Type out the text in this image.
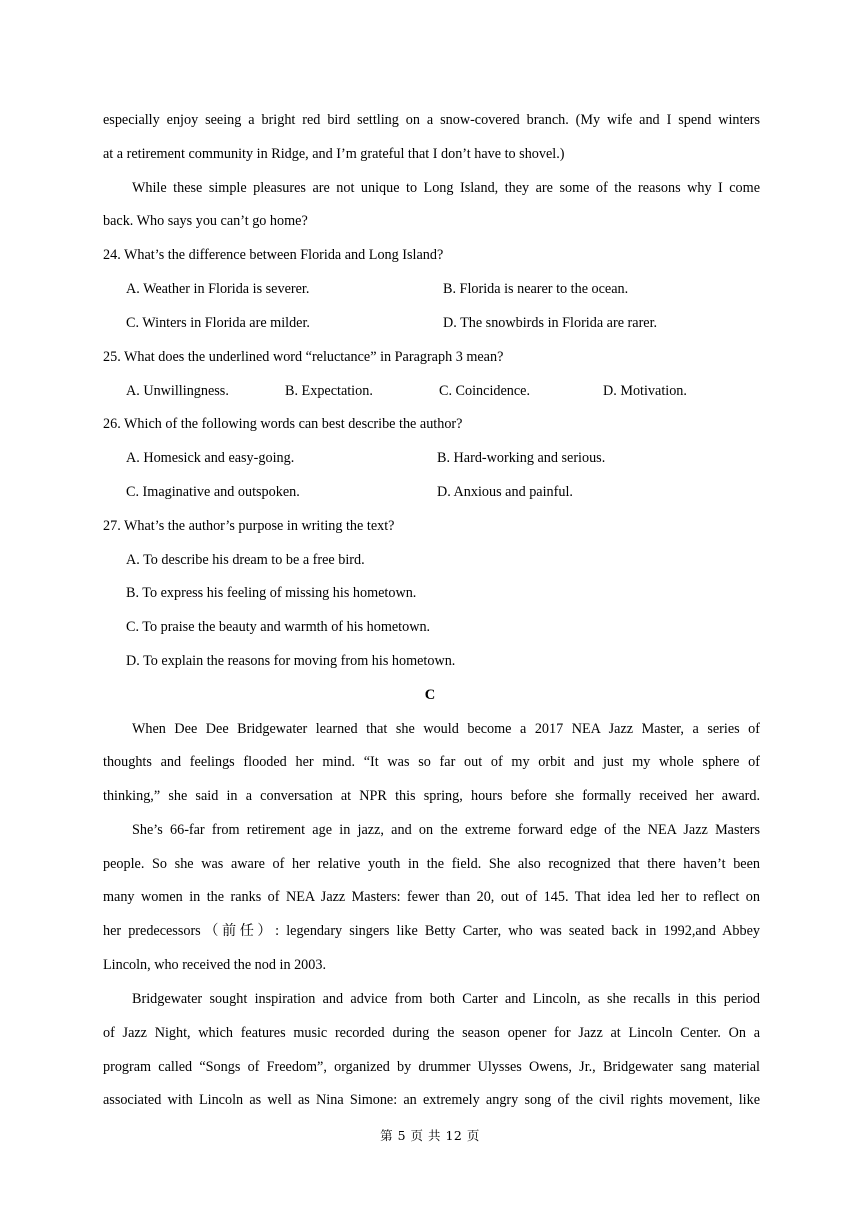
especially enjoy seeing a bright red bird settling on a snow-covered branch. (My wife and I spend winters
at a retirement community in Ridge, and I’m grateful that I don’t have to shovel.)
While these simple pleasures are not unique to Long Island, they are some of the reasons why I come
back. Who says you can’t go home?
24. What’s the difference between Florida and Long Island?
A. Weather in Florida is severer.	B. Florida is nearer to the ocean.
C. Winters in Florida are milder.	D. The snowbirds in Florida are rarer.
25. What does the underlined word “reluctance” in Paragraph 3 mean?
A. Unwillingness.	B. Expectation.	C. Coincidence.	D. Motivation.
26. Which of the following words can best describe the author?
A. Homesick and easy-going.	B. Hard-working and serious.
C. Imaginative and outspoken.	D. Anxious and painful.
27. What’s the author’s purpose in writing the text?
A. To describe his dream to be a free bird.
B. To express his feeling of missing his hometown.
C. To praise the beauty and warmth of his hometown.
D. To explain the reasons for moving from his hometown.
C
When Dee Dee Bridgewater learned that she would become a 2017 NEA Jazz Master, a series of
thoughts and feelings flooded her mind. “It was so far out of my orbit and just my whole sphere of
thinking,” she said in a conversation at NPR this spring, hours before she formally received her award.
She’s 66-far from retirement age in jazz, and on the extreme forward edge of the NEA Jazz Masters
people. So she was aware of her relative youth in the field. She also recognized that there haven’t been
many women in the ranks of NEA Jazz Masters: fewer than 20, out of 145. That idea led her to reflect on
her predecessors（前任）: legendary singers like Betty Carter, who was seated back in 1992,and Abbey
Lincoln, who received the nod in 2003.
Bridgewater sought inspiration and advice from both Carter and Lincoln, as she recalls in this period
of Jazz Night, which features music recorded during the season opener for Jazz at Lincoln Center. On a
program called “Songs of Freedom”, organized by drummer Ulysses Owens, Jr., Bridgewater sang material
associated with Lincoln as well as Nina Simone: an extremely angry song of the civil rights movement, like
第 5 页 共 12 页
